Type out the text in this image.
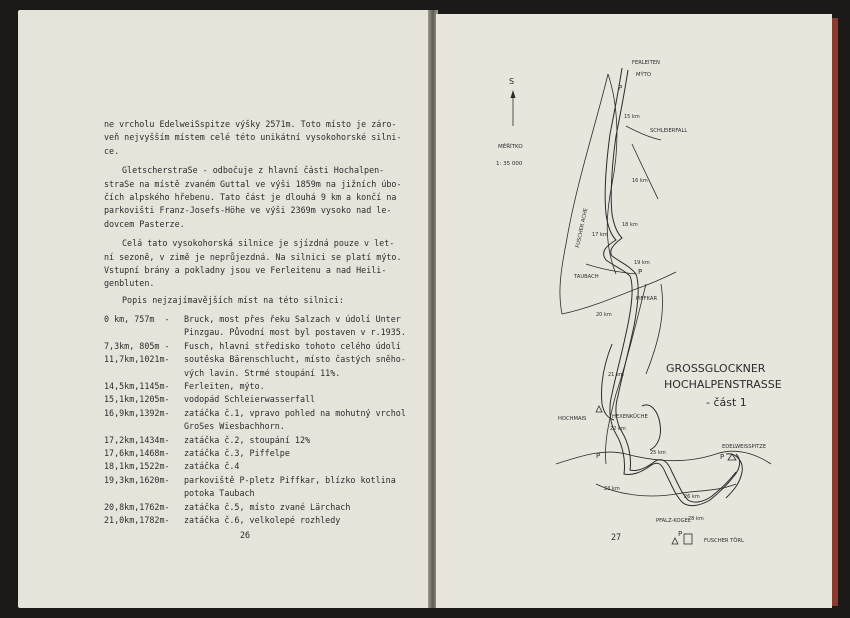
ne vrcholu EdelweiSspitze výšky 2571m. Toto místo je záro-
veň nejvyšším místem celé této unikátní vysokohorské silni-
ce.
GletscherstraSe - odbočuje z hlavní části Hochalpen-
straSe na místě zvaném Guttal ve výši 1859m na jižních úbo-
čích alpského hřebenu. Tato část je dlouhá 9 km a končí na
parkovišti Franz-Josefs-Höhe ve výši 2369m vysoko nad le-
dovcem Pasterze.
Celá tato vysokohorská silnice je sjízdná pouze v let-
ní sezoně, v zimě je neprůjezdná. Na silnici se platí mýto.
Vstupní brány a pokladny jsou ve Ferleitenu a nad Heili-
genbluten.
Popis nejzajímavějších míst na této silnici:
0 km, 757m  -	Bruck, most přes řeku Salzach v údolí Unter
Pinzgau. Původní most byl postaven v r.1935.
7,3km, 805m -	Fusch, hlavní středisko tohoto celého údolí
11,7km,1021m-	soutěska Bärenschlucht, místo častých sněho-
vých lavin. Strmé stoupání 11%.
14,5km,1145m-	Ferleiten, mýto.
15,1km,1205m-	vodopád Schleierwasserfall
16,9km,1392m-	zatáčka č.1, vpravo pohled na mohutný vrchol
GroSes Wiesbachhorn.
17,2km,1434m-	zatáčka č.2, stoupání 12%
17,6km,1468m-	zatáčka č.3, Piffelpe
18,1km,1522m-	zatáčka č.4
19,3km,1620m-	parkoviště P-pletz Piffkar, blízko kotlina
potoka Taubach
20,8km,1762m-	zatáčka č.5, místo zvané Lärchach
21,0km,1782m-	zatáčka č.6, velkolepé rozhledy
26
S
MĚŘÍTKO
1: 35 000
FERLEITEN
MÝTO
SCHLEIERFALL
FUSCHER ACHE
TAUBACH
PIFFKAR
HOCHMAIS	HEXENKÜCHE
EDELWEISSPITZE
PFALZ-KOGEL
FUSCHER TÖRL
P
P
P	P
P
15 km
16 km
17 km
18 km
19 km
20 km
21 km
22 km
23 km
25 km
26 km
28 km
GROSSGLOCKNER
HOCHALPENSTRASSE
- část 1
27
